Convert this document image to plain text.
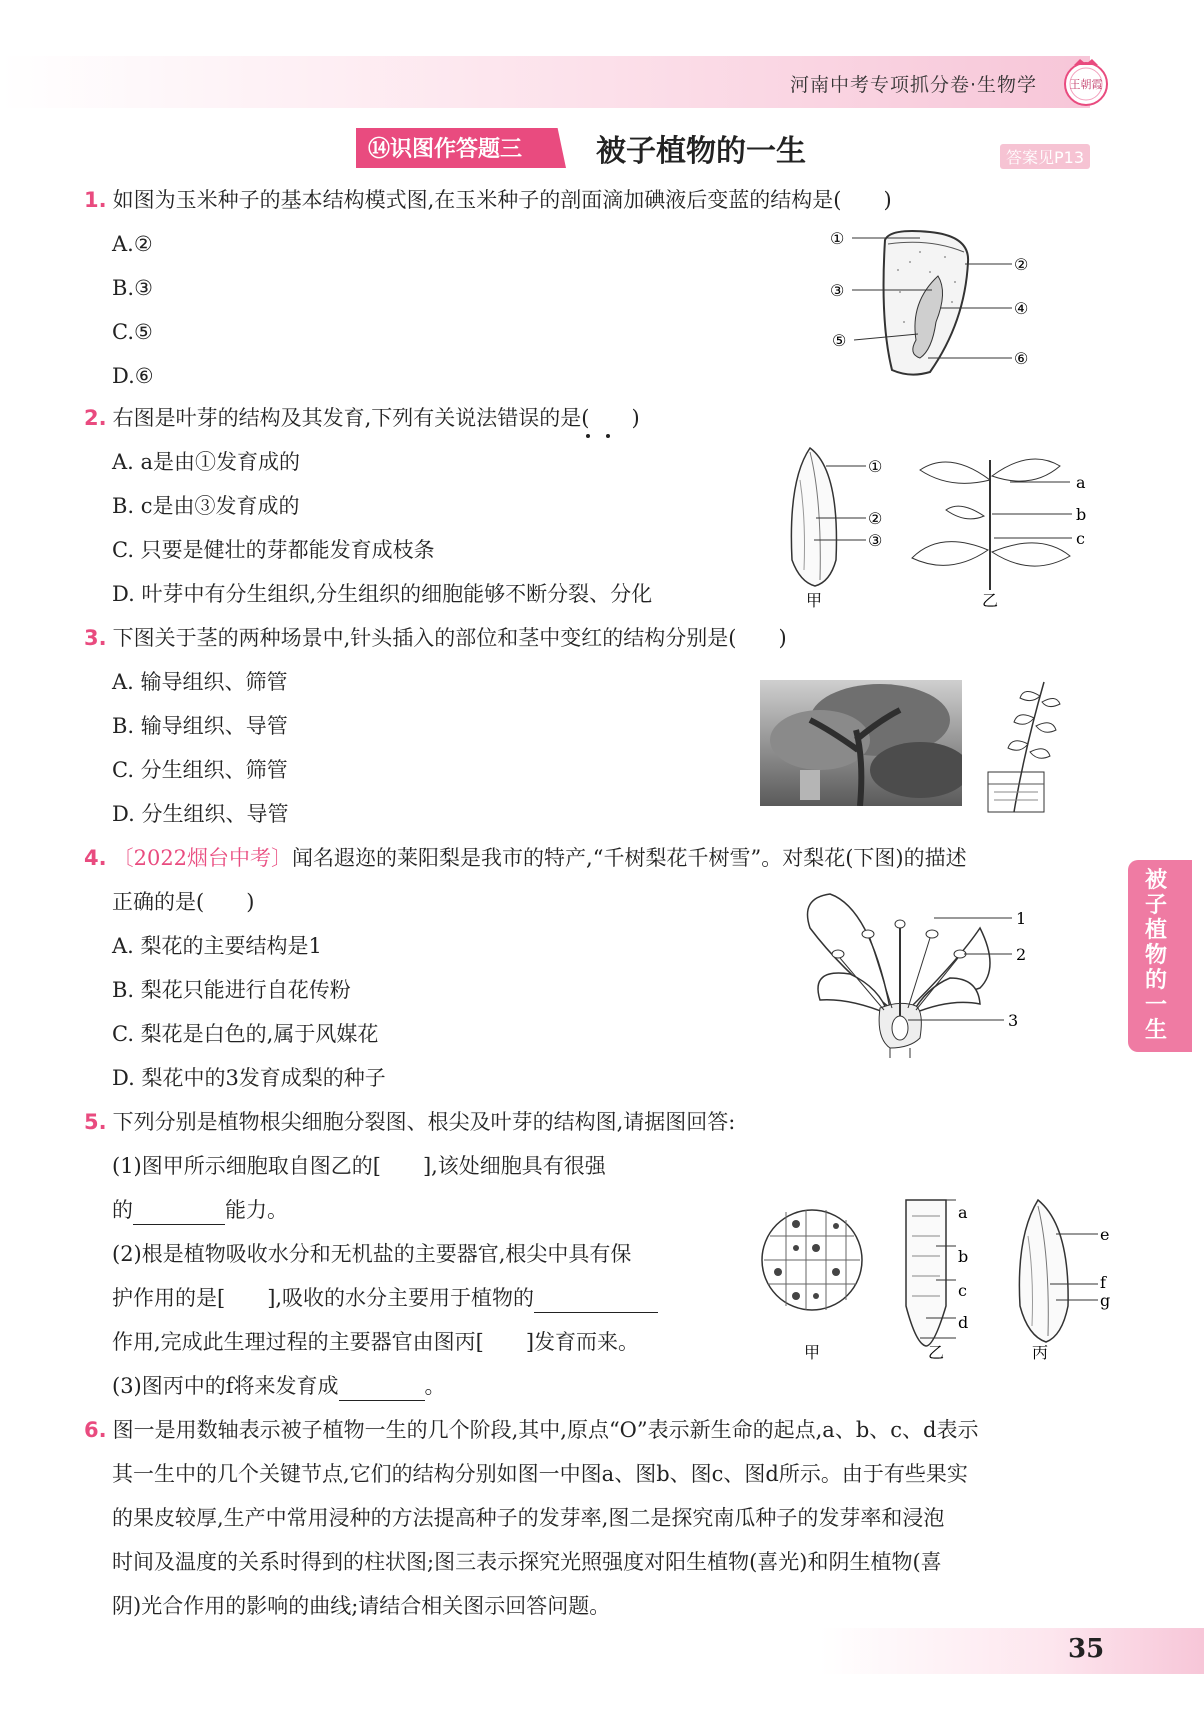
河南中考专项抓分卷·生物学	王朝霞
⑭识图作答题三 被子植物的一生	答案见P13
1. 如图为玉米种子的基本结构模式图,在玉米种子的剖面滴加碘液后变蓝的结构是(　　)
A.②
B.③
C.⑤
D.⑥
①
②
③
④
⑤
⑥
2. 右图是叶芽的结构及其发育,下列有关说法错误的是(　　)
A. a是由①发育成的
B. c是由③发育成的
C. 只要是健壮的芽都能发育成枝条
D. 叶芽中有分生组织,分生组织的细胞能够不断分裂、分化
①
②
③
甲
a
b
c
乙
3. 下图关于茎的两种场景中,针头插入的部位和茎中变红的结构分别是(　　)
A. 输导组织、筛管
B. 输导组织、导管
C. 分生组织、筛管
D. 分生组织、导管
4. 〔2022烟台中考〕闻名遐迩的莱阳梨是我市的特产,“千树梨花千树雪”。对梨花(下图)的描述
正确的是(　　)
A. 梨花的主要结构是1
B. 梨花只能进行自花传粉
C. 梨花是白色的,属于风媒花
D. 梨花中的3发育成梨的种子
1
2
3
被子植物的一生
5. 下列分别是植物根尖细胞分裂图、根尖及叶芽的结构图,请据图回答:
(1)图甲所示细胞取自图乙的[　　],该处细胞具有很强
的	能力。
(2)根是植物吸收水分和无机盐的主要器官,根尖中具有保
护作用的是[　　],吸收的水分主要用于植物的
作用,完成此生理过程的主要器官由图丙[　　]发育而来。
(3)图丙中的f将来发育成	。
甲
a
b
c
d
乙
e
f
g
丙
6. 图一是用数轴表示被子植物一生的几个阶段,其中,原点“O”表示新生命的起点,a、b、c、d表示
其一生中的几个关键节点,它们的结构分别如图一中图a、图b、图c、图d所示。由于有些果实
的果皮较厚,生产中常用浸种的方法提高种子的发芽率,图二是探究南瓜种子的发芽率和浸泡
时间及温度的关系时得到的柱状图;图三表示探究光照强度对阳生植物(喜光)和阴生植物(喜
阴)光合作用的影响的曲线;请结合相关图示回答问题。
35
